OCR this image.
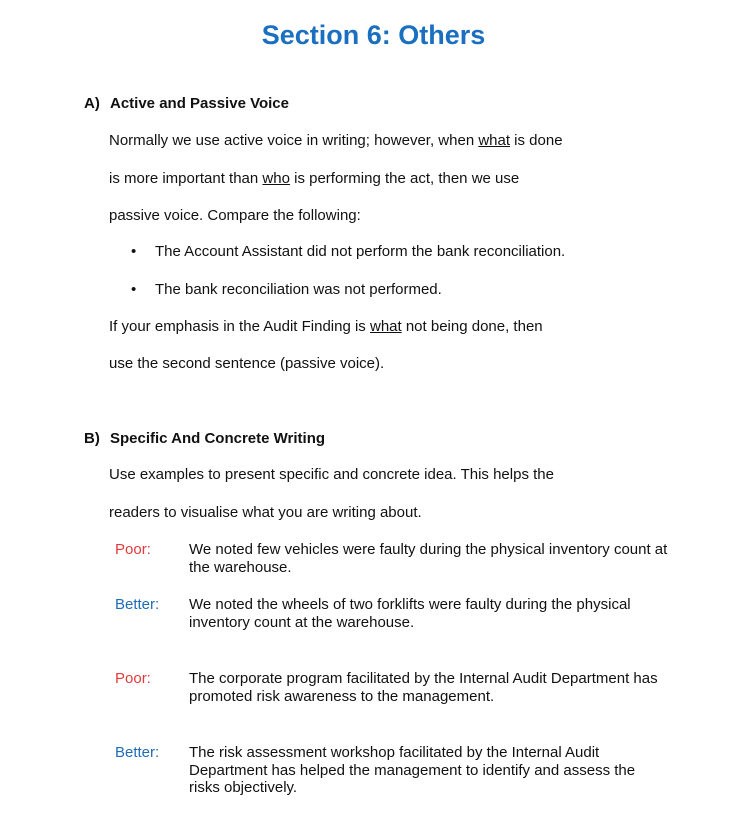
Section 6: Others
A) Active and Passive Voice
Normally we use active voice in writing; however, when what is done
is more important than who is performing the act, then we use
passive voice. Compare the following:
• The Account Assistant did not perform the bank reconciliation.
• The bank reconciliation was not performed.
If your emphasis in the Audit Finding is what not being done, then
use the second sentence (passive voice).
B) Specific And Concrete Writing
Use examples to present specific and concrete idea. This helps the
readers to visualise what you are writing about.
Poor:	We noted few vehicles were faulty during the physical inventory count at the warehouse.
Better: We noted the wheels of two forklifts were faulty during the physical inventory count at the warehouse.
Poor:	The corporate program facilitated by the Internal Audit Department has promoted risk awareness to the management.
Better: The risk assessment workshop facilitated by the Internal Audit Department has helped the management to identify and assess the risks objectively.
